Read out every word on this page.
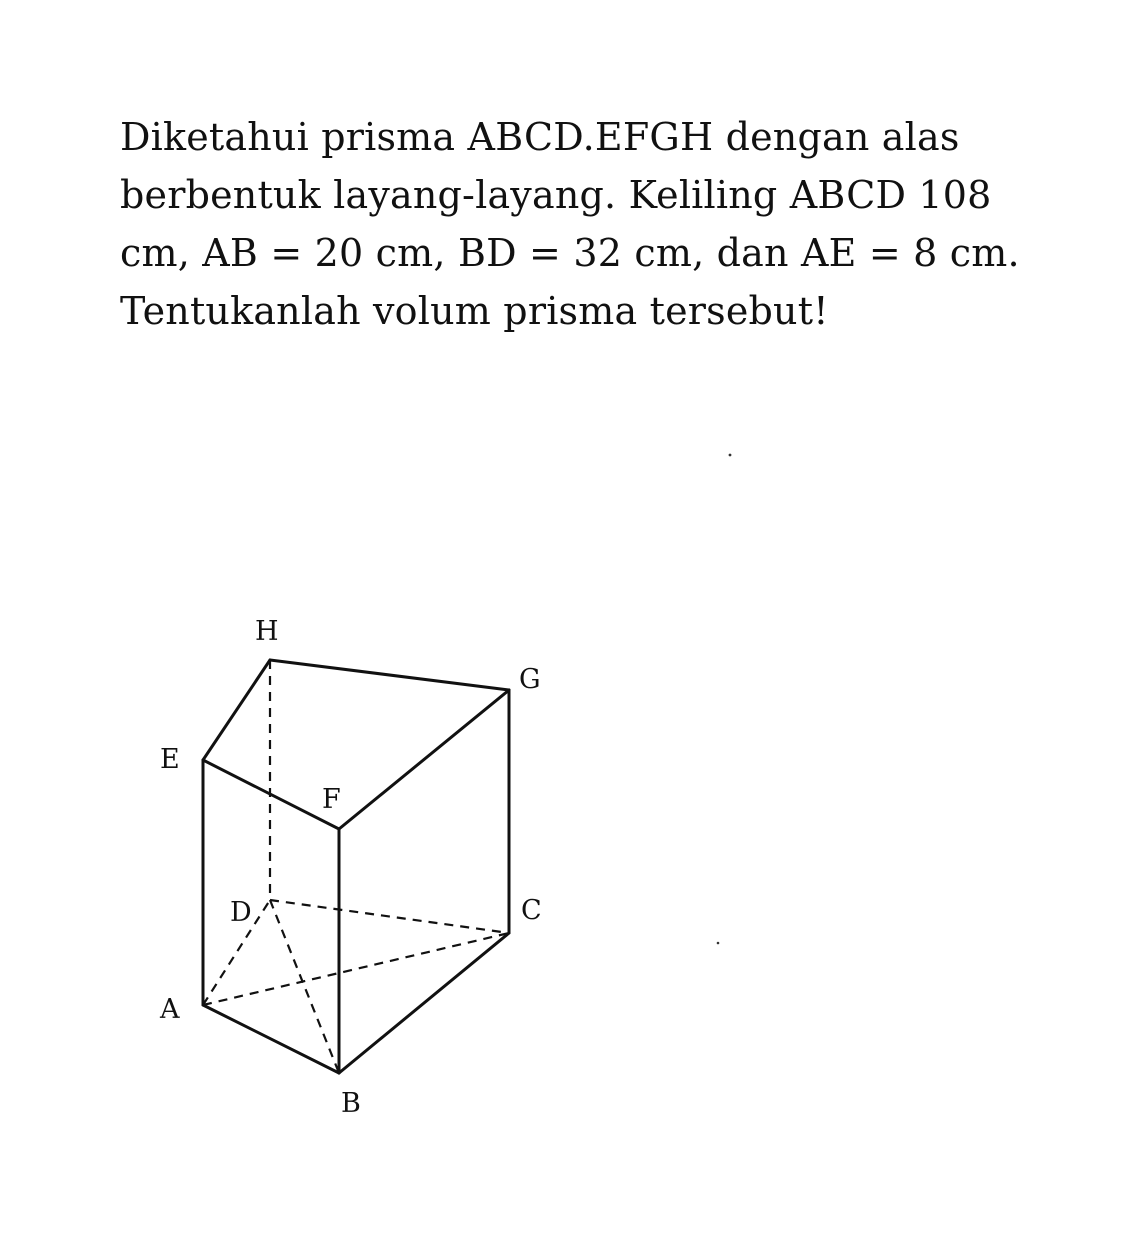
Diketahui prisma ABCD.EFGH dengan alas
berbentuk layang-layang. Keliling ABCD 108
cm, AB = 20 cm, BD = 32 cm, dan AE = 8 cm.
Tentukanlah volum prisma tersebut!
H
G
E
F
D	C
A
B
